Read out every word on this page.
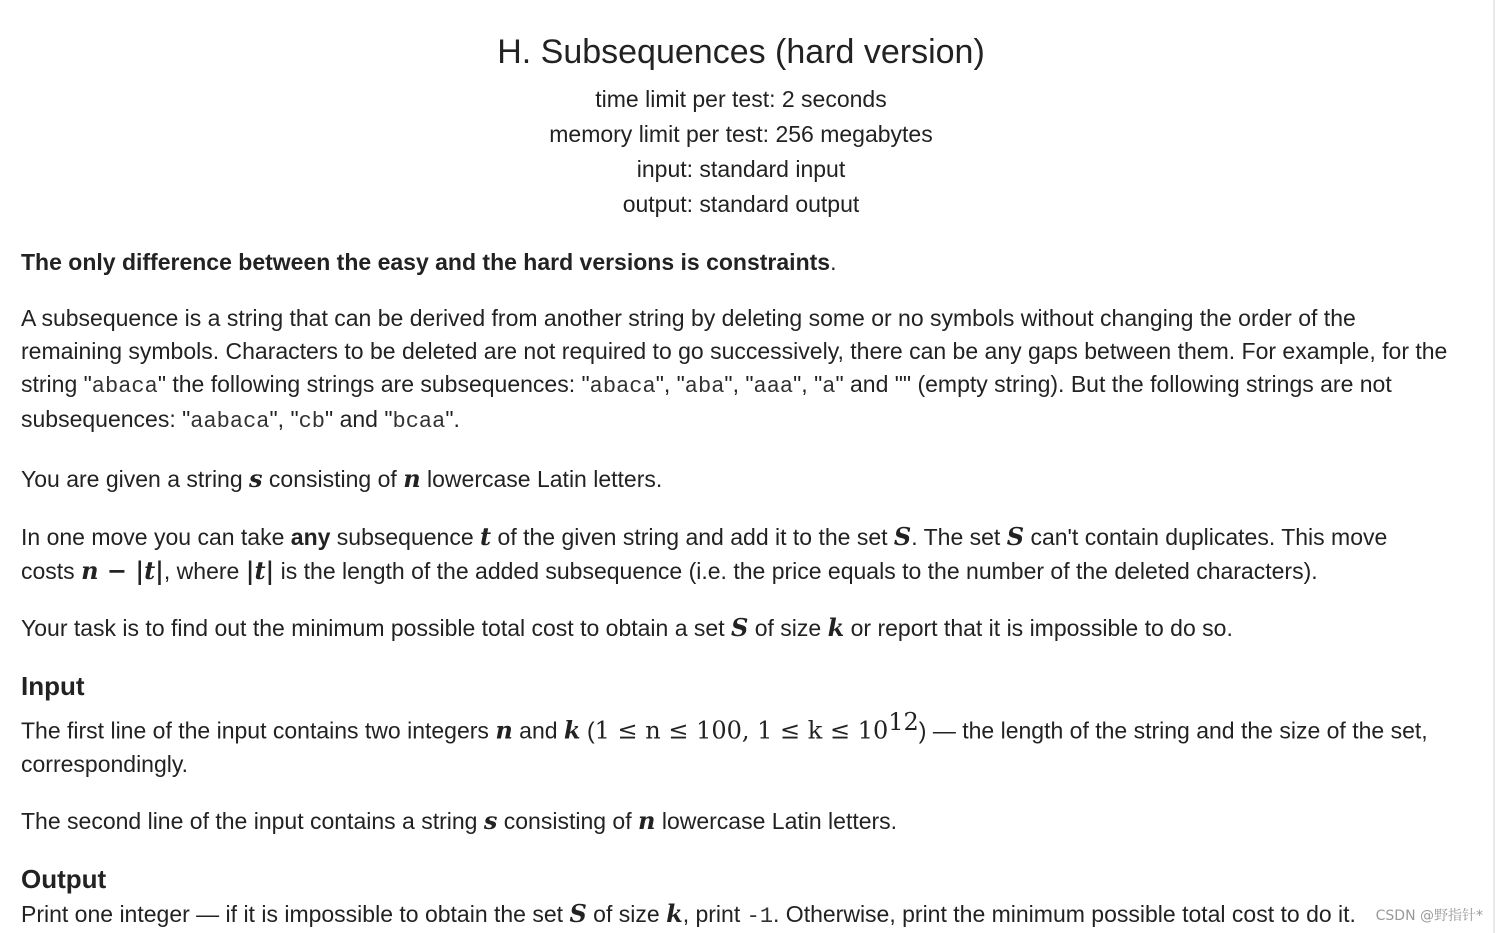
H. Subsequences (hard version)
time limit per test: 2 seconds
memory limit per test: 256 megabytes
input: standard input
output: standard output

The only difference between the easy and the hard versions is constraints.

A subsequence is a string that can be derived from another string by deleting some or no symbols without changing the order of the remaining symbols. Characters to be deleted are not required to go successively, there can be any gaps between them. For example, for the string "abaca" the following strings are subsequences: "abaca", "aba", "aaa", "a" and "" (empty string). But the following strings are not subsequences: "aabaca", "cb" and "bcaa".

You are given a string s consisting of n lowercase Latin letters.

In one move you can take any subsequence t of the given string and add it to the set S. The set S can't contain duplicates. This move costs n − |t|, where |t| is the length of the added subsequence (i.e. the price equals to the number of the deleted characters).

Your task is to find out the minimum possible total cost to obtain a set S of size k or report that it is impossible to do so.

Input

The first line of the input contains two integers n and k (1 ≤ n ≤ 100, $1 \le k \le 10^{12}$) — the length of the string and the size of the set, correspondingly.

The second line of the input contains a string s consisting of n lowercase Latin letters.

Output

Print one integer — if it is impossible to obtain the set S of size k, print -1. Otherwise, print the minimum possible total cost to do it.	CSDN @野指针*
